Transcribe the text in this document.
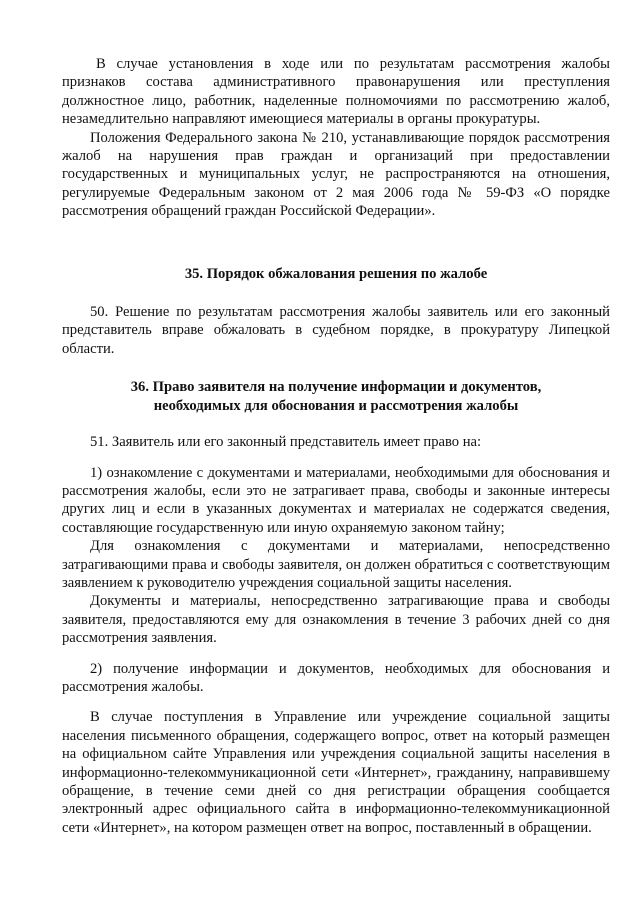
В случае установления в ходе или по результатам рассмотрения жалобы признаков состава административного правонарушения или преступления должностное лицо, работник, наделенные полномочиями по рассмотрению жалоб, незамедлительно направляют имеющиеся материалы в органы прокуратуры.

Положения Федерального закона № 210, устанавливающие порядок рассмотрения жалоб на нарушения прав граждан и организаций при предоставлении государственных и муниципальных услуг, не распространяются на отношения, регулируемые Федеральным законом от 2 мая 2006 года № 59-ФЗ «О порядке рассмотрения обращений граждан Российской Федерации».

35. Порядок обжалования решения по жалобе

50. Решение по результатам рассмотрения жалобы заявитель или его законный представитель вправе обжаловать в судебном порядке, в прокуратуру Липецкой области.

36. Право заявителя на получение информации и документов,
необходимых для обоснования и рассмотрения жалобы

51. Заявитель или его законный представитель имеет право на:

1) ознакомление с документами и материалами, необходимыми для обоснования и рассмотрения жалобы, если это не затрагивает права, свободы и законные интересы других лиц и если в указанных документах и материалах не содержатся сведения, составляющие государственную или иную охраняемую законом тайну;

Для ознакомления с документами и материалами, непосредственно затрагивающими права и свободы заявителя, он должен обратиться с соответствующим заявлением к руководителю учреждения социальной защиты населения.

Документы и материалы, непосредственно затрагивающие права и свободы заявителя, предоставляются ему для ознакомления в течение 3 рабочих дней со дня рассмотрения заявления.

2) получение информации и документов, необходимых для обоснования и рассмотрения жалобы.

В случае поступления в Управление или учреждение социальной защиты населения письменного обращения, содержащего вопрос, ответ на который размещен на официальном сайте Управления или учреждения социальной защиты населения в информационно-телекоммуникационной сети «Интернет», гражданину, направившему обращение, в течение семи дней со дня регистрации обращения сообщается электронный адрес официального сайта в информационно-телекоммуникационной сети «Интернет», на котором размещен ответ на вопрос, поставленный в обращении.
